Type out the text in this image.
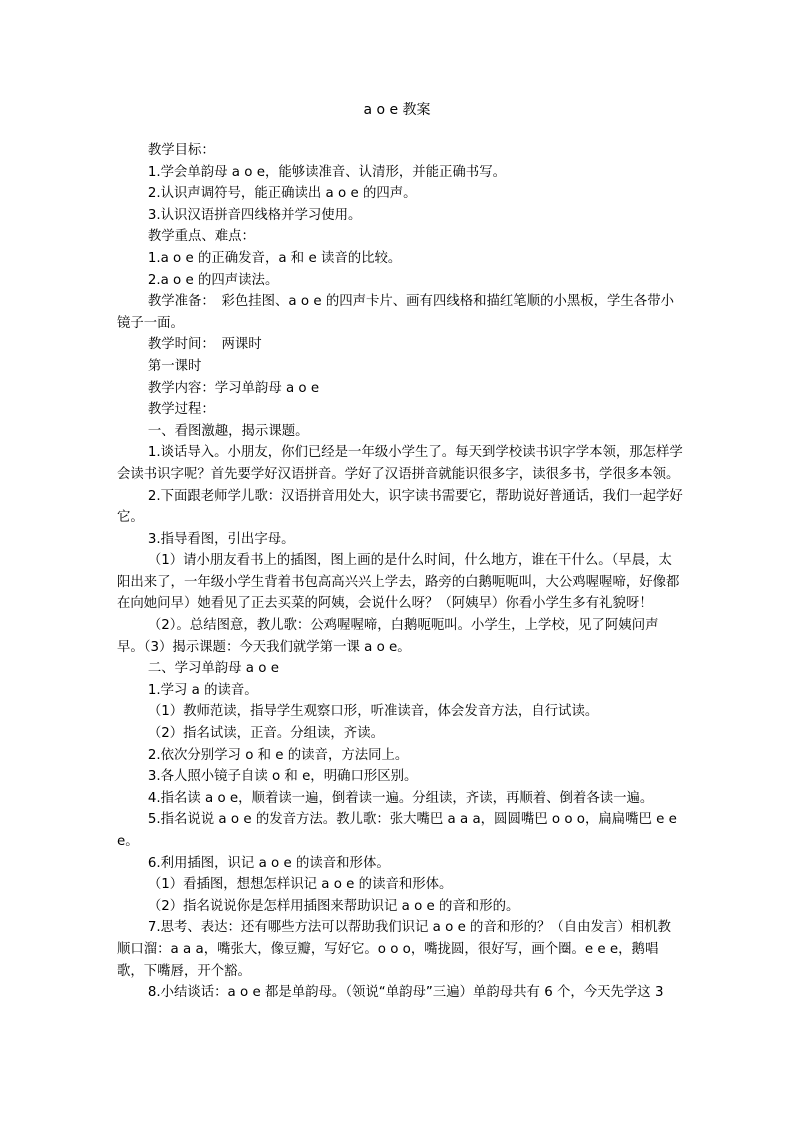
a o e 教案

教学目标：

1.学会单韵母 a o e，能够读准音、认清形，并能正确书写。

2.认识声调符号，能正确读出 a o e 的四声。

3.认识汉语拼音四线格并学习使用。

教学重点、难点：

1.a o e 的正确发音，a 和 e 读音的比较。

2.a o e 的四声读法。

教学准备：　彩色挂图、a o e 的四声卡片、画有四线格和描红笔顺的小黑板，学生各带小镜子一面。

教学时间：　两课时

第一课时

教学内容：学习单韵母 a o e

教学过程：

一、看图激趣，揭示课题。

1.谈话导入。小朋友，你们已经是一年级小学生了。每天到学校读书识字学本领，那怎样学会读书识字呢？首先要学好汉语拼音。学好了汉语拼音就能识很多字，读很多书，学很多本领。

2.下面跟老师学儿歌：汉语拼音用处大，识字读书需要它，帮助说好普通话，我们一起学好它。

3.指导看图，引出字母。

（1）请小朋友看书上的插图，图上画的是什么时间，什么地方，谁在干什么。（早晨，太阳出来了，一年级小学生背着书包高高兴兴上学去，路旁的白鹅呃呃叫，大公鸡喔喔啼，好像都在向她问早）她看见了正去买菜的阿姨，会说什么呀？（阿姨早）你看小学生多有礼貌呀！

（2）。总结图意，教儿歌：公鸡喔喔啼，白鹅呃呃叫。小学生，上学校，见了阿姨问声早。（3）揭示课题：今天我们就学第一课 a o e。

二、学习单韵母 a o e

1.学习 a 的读音。

（1）教师范读，指导学生观察口形，听准读音，体会发音方法，自行试读。

（2）指名试读，正音。分组读，齐读。

2.依次分别学习 o 和 e 的读音，方法同上。

3.各人照小镜子自读 o 和 e，明确口形区别。

4.指名读 a o e，顺着读一遍，倒着读一遍。分组读，齐读，再顺着、倒着各读一遍。

5.指名说说 a o e 的发音方法。教儿歌：张大嘴巴 a a a，圆圆嘴巴 o o o，扁扁嘴巴 e e e。

6.利用插图，识记 a o e 的读音和形体。

（1）看插图，想想怎样识记 a o e 的读音和形体。

（2）指名说说你是怎样用插图来帮助识记 a o e 的音和形的。

7.思考、表达：还有哪些方法可以帮助我们识记 a o e 的音和形的？（自由发言）相机教顺口溜：a a a，嘴张大，像豆瓣，写好它。o o o，嘴拢圆，很好写，画个圈。e e e，鹅唱歌，下嘴唇，开个豁。

8.小结谈话：a o e 都是单韵母。（领说“单韵母”三遍）单韵母共有 6 个，今天先学这 3
